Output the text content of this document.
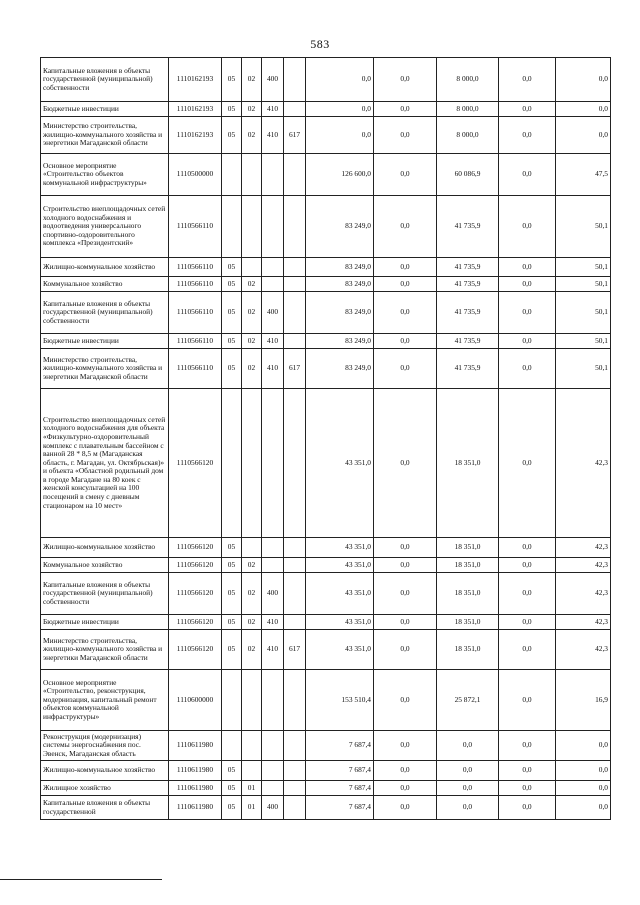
583
Капитальные вложения в объекты государственной (муниципальной) собственности	1110162193	05	02	400		0,0	0,0	8 000,0	0,0	0,0
Бюджетные инвестиции	1110162193	05	02	410		0,0	0,0	8 000,0	0,0	0,0
Министерство строительства, жилищно-коммунального хозяйства и энергетики Магаданской области	1110162193	05	02	410	617	0,0	0,0	8 000,0	0,0	0,0
Основное мероприятие «Строительство объектов коммунальной инфраструктуры»	1110500000					126 600,0	0,0	60 086,9	0,0	47,5
Строительство внеплощадочных сетей холодного водоснабжения и водоотведения универсального спортивно-оздоровительного комплекса «Президентский»	1110566110					83 249,0	0,0	41 735,9	0,0	50,1
Жилищно-коммунальное хозяйство	1110566110	05				83 249,0	0,0	41 735,9	0,0	50,1
Коммунальное хозяйство	1110566110	05	02			83 249,0	0,0	41 735,9	0,0	50,1
Капитальные вложения в объекты государственной (муниципальной) собственности	1110566110	05	02	400		83 249,0	0,0	41 735,9	0,0	50,1
Бюджетные инвестиции	1110566110	05	02	410		83 249,0	0,0	41 735,9	0,0	50,1
Министерство строительства, жилищно-коммунального хозяйства и энергетики Магаданской области	1110566110	05	02	410	617	83 249,0	0,0	41 735,9	0,0	50,1
Строительство внеплощадочных сетей холодного водоснабжения для объекта «Физкультурно-оздоровительный комплекс с плавательным бассейном с ванной 28 * 8,5 м (Магаданская область, г. Магадан, ул. Октябрьская)» и объекта «Областной родильный дом в городе Магадане на 80 коек с женской консультацией на 100 посещений в смену с дневным стационаром на 10 мест»	1110566120					43 351,0	0,0	18 351,0	0,0	42,3
Жилищно-коммунальное хозяйство	1110566120	05				43 351,0	0,0	18 351,0	0,0	42,3
Коммунальное хозяйство	1110566120	05	02			43 351,0	0,0	18 351,0	0,0	42,3
Капитальные вложения в объекты государственной (муниципальной) собственности	1110566120	05	02	400		43 351,0	0,0	18 351,0	0,0	42,3
Бюджетные инвестиции	1110566120	05	02	410		43 351,0	0,0	18 351,0	0,0	42,3
Министерство строительства, жилищно-коммунального хозяйства и энергетики Магаданской области	1110566120	05	02	410	617	43 351,0	0,0	18 351,0	0,0	42,3
Основное мероприятие «Строительство, реконструкция, модернизация, капитальный ремонт объектов коммунальной инфраструктуры»	1110600000					153 510,4	0,0	25 872,1	0,0	16,9
Реконструкция (модернизация) системы энергоснабжения пос. Эвенск, Магаданская область	1110611980					7 687,4	0,0	0,0	0,0	0,0
Жилищно-коммунальное хозяйство	1110611980	05				7 687,4	0,0	0,0	0,0	0,0
Жилищное хозяйство	1110611980	05	01			7 687,4	0,0	0,0	0,0	0,0
Капитальные вложения в объекты государственной	1110611980	05	01	400		7 687,4	0,0	0,0	0,0	0,0
